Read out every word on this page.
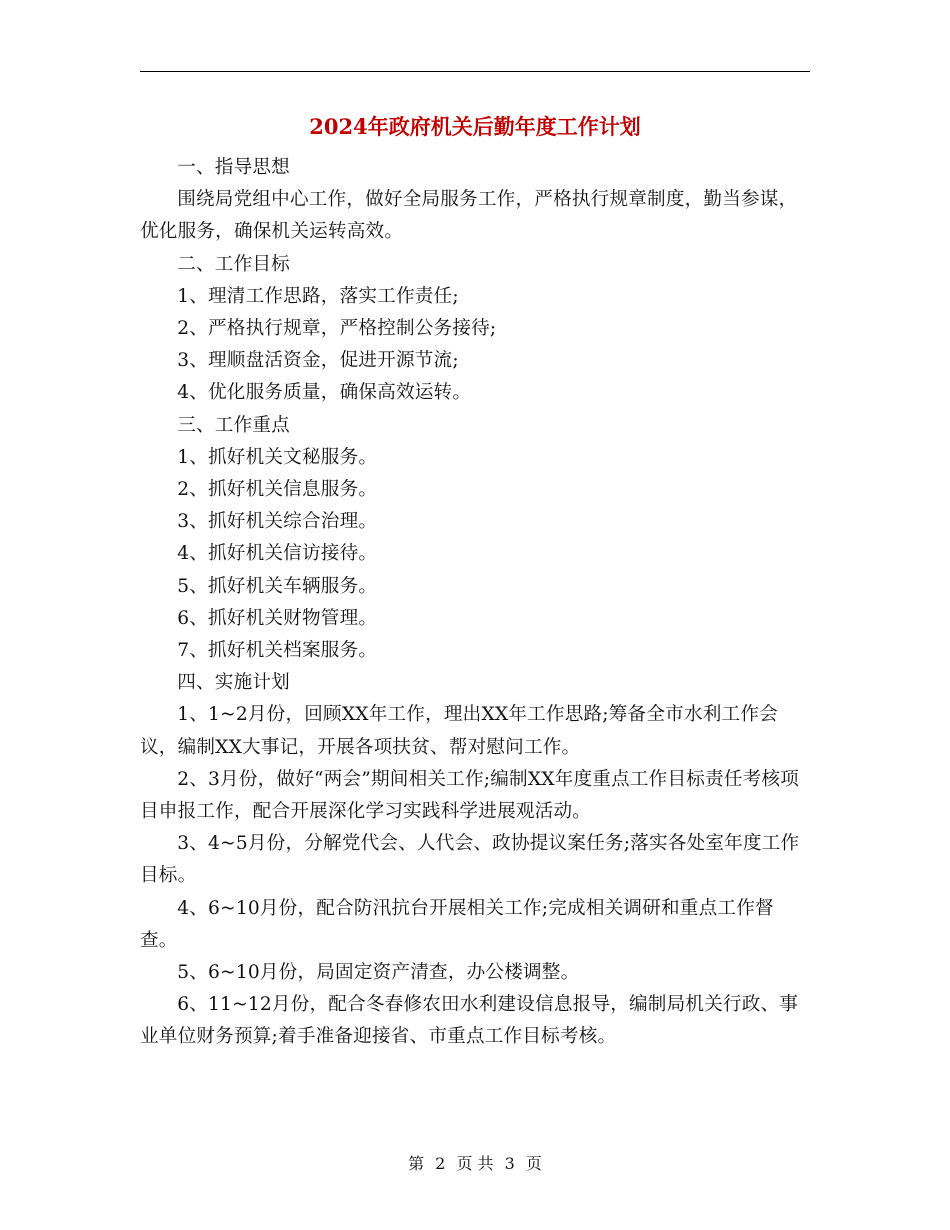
2024年政府机关后勤年度工作计划

一、指导思想

围绕局党组中心工作，做好全局服务工作，严格执行规章制度，勤当参谋，优化服务，确保机关运转高效。

二、工作目标

1、理清工作思路，落实工作责任;

2、严格执行规章，严格控制公务接待;

3、理顺盘活资金，促进开源节流;

4、优化服务质量，确保高效运转。

三、工作重点

1、抓好机关文秘服务。

2、抓好机关信息服务。

3、抓好机关综合治理。

4、抓好机关信访接待。

5、抓好机关车辆服务。

6、抓好机关财物管理。

7、抓好机关档案服务。

四、实施计划

1、1~2月份，回顾XX年工作，理出XX年工作思路;筹备全市水利工作会议，编制XX大事记，开展各项扶贫、帮对慰问工作。

2、3月份，做好“两会”期间相关工作;编制XX年度重点工作目标责任考核项目申报工作，配合开展深化学习实践科学进展观活动。

3、4~5月份，分解党代会、人代会、政协提议案任务;落实各处室年度工作目标。

4、6~10月份，配合防汛抗台开展相关工作;完成相关调研和重点工作督查。

5、6~10月份，局固定资产清查，办公楼调整。

6、11~12月份，配合冬春修农田水利建设信息报导，编制局机关行政、事业单位财务预算;着手准备迎接省、市重点工作目标考核。

第 2 页 共 3 页
